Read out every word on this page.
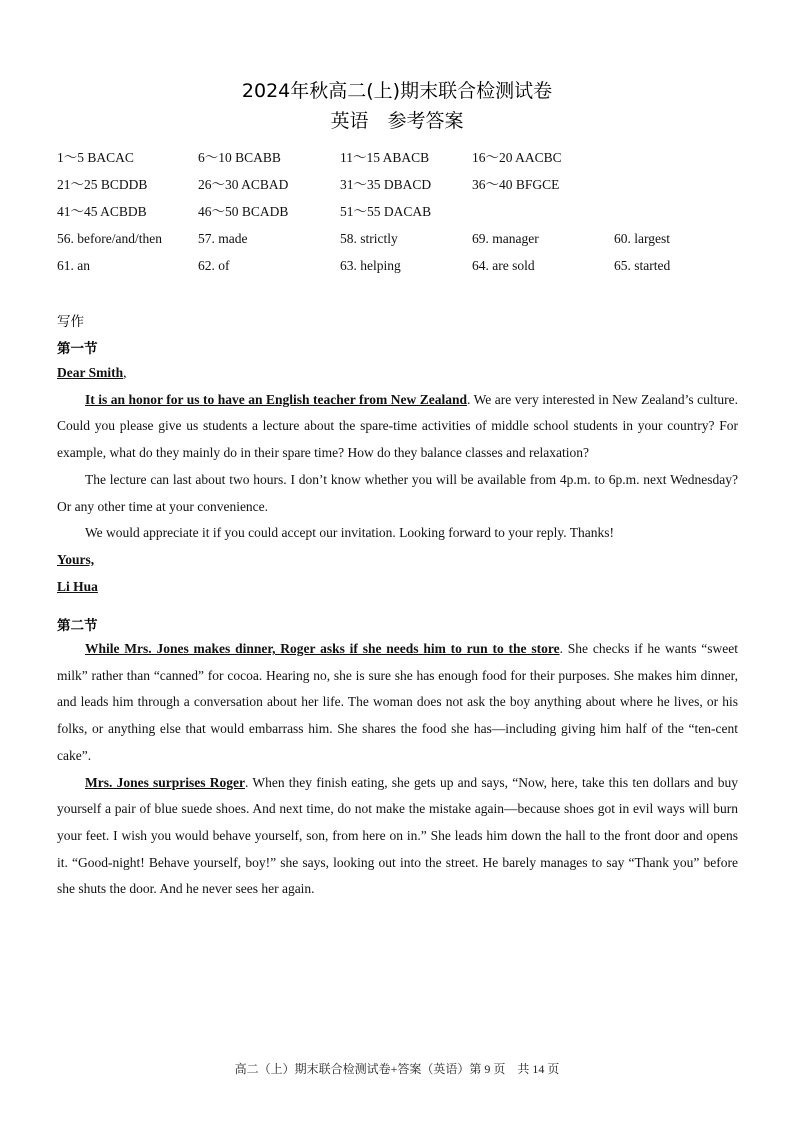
2024年秋高二(上)期末联合检测试卷
英语　参考答案
1～5 BACAC	6～10 BCABB	11～15 ABACB	16～20 AACBC
21～25 BCDDB	26～30 ACBAD	31～35 DBACD	36～40 BFGCE
41～45 ACBDB	46～50 BCADB	51～55 DACAB
56. before/and/then	57. made	58. strictly	69. manager	60. largest
61. an	62. of	63. helping	64. are sold	65. started
写作
第一节

Dear Smith,

It is an honor for us to have an English teacher from New Zealand. We are very interested in New Zealand’s culture. Could you please give us students a lecture about the spare-time activities of middle school students in your country? For example, what do they mainly do in their spare time? How do they balance classes and relaxation?

The lecture can last about two hours. I don’t know whether you will be available from 4p.m. to 6p.m. next Wednesday? Or any other time at your convenience.

We would appreciate it if you could accept our invitation. Looking forward to your reply. Thanks!

Yours,

Li Hua

第二节

While Mrs. Jones makes dinner, Roger asks if she needs him to run to the store. She checks if he wants “sweet milk” rather than “canned” for cocoa. Hearing no, she is sure she has enough food for their purposes. She makes him dinner, and leads him through a conversation about her life. The woman does not ask the boy anything about where he lives, or his folks, or anything else that would embarrass him. She shares the food she has—including giving him half of the “ten-cent cake”.

Mrs. Jones surprises Roger. When they finish eating, she gets up and says, “Now, here, take this ten dollars and buy yourself a pair of blue suede shoes. And next time, do not make the mistake again—because shoes got in evil ways will burn your feet. I wish you would behave yourself, son, from here on in.” She leads him down the hall to the front door and opens it. “Good-night! Behave yourself, boy!” she says, looking out into the street. He barely manages to say “Thank you” before she shuts the door. And he never sees her again.

高二（上）期末联合检测试卷+答案（英语）第 9 页　共 14 页
